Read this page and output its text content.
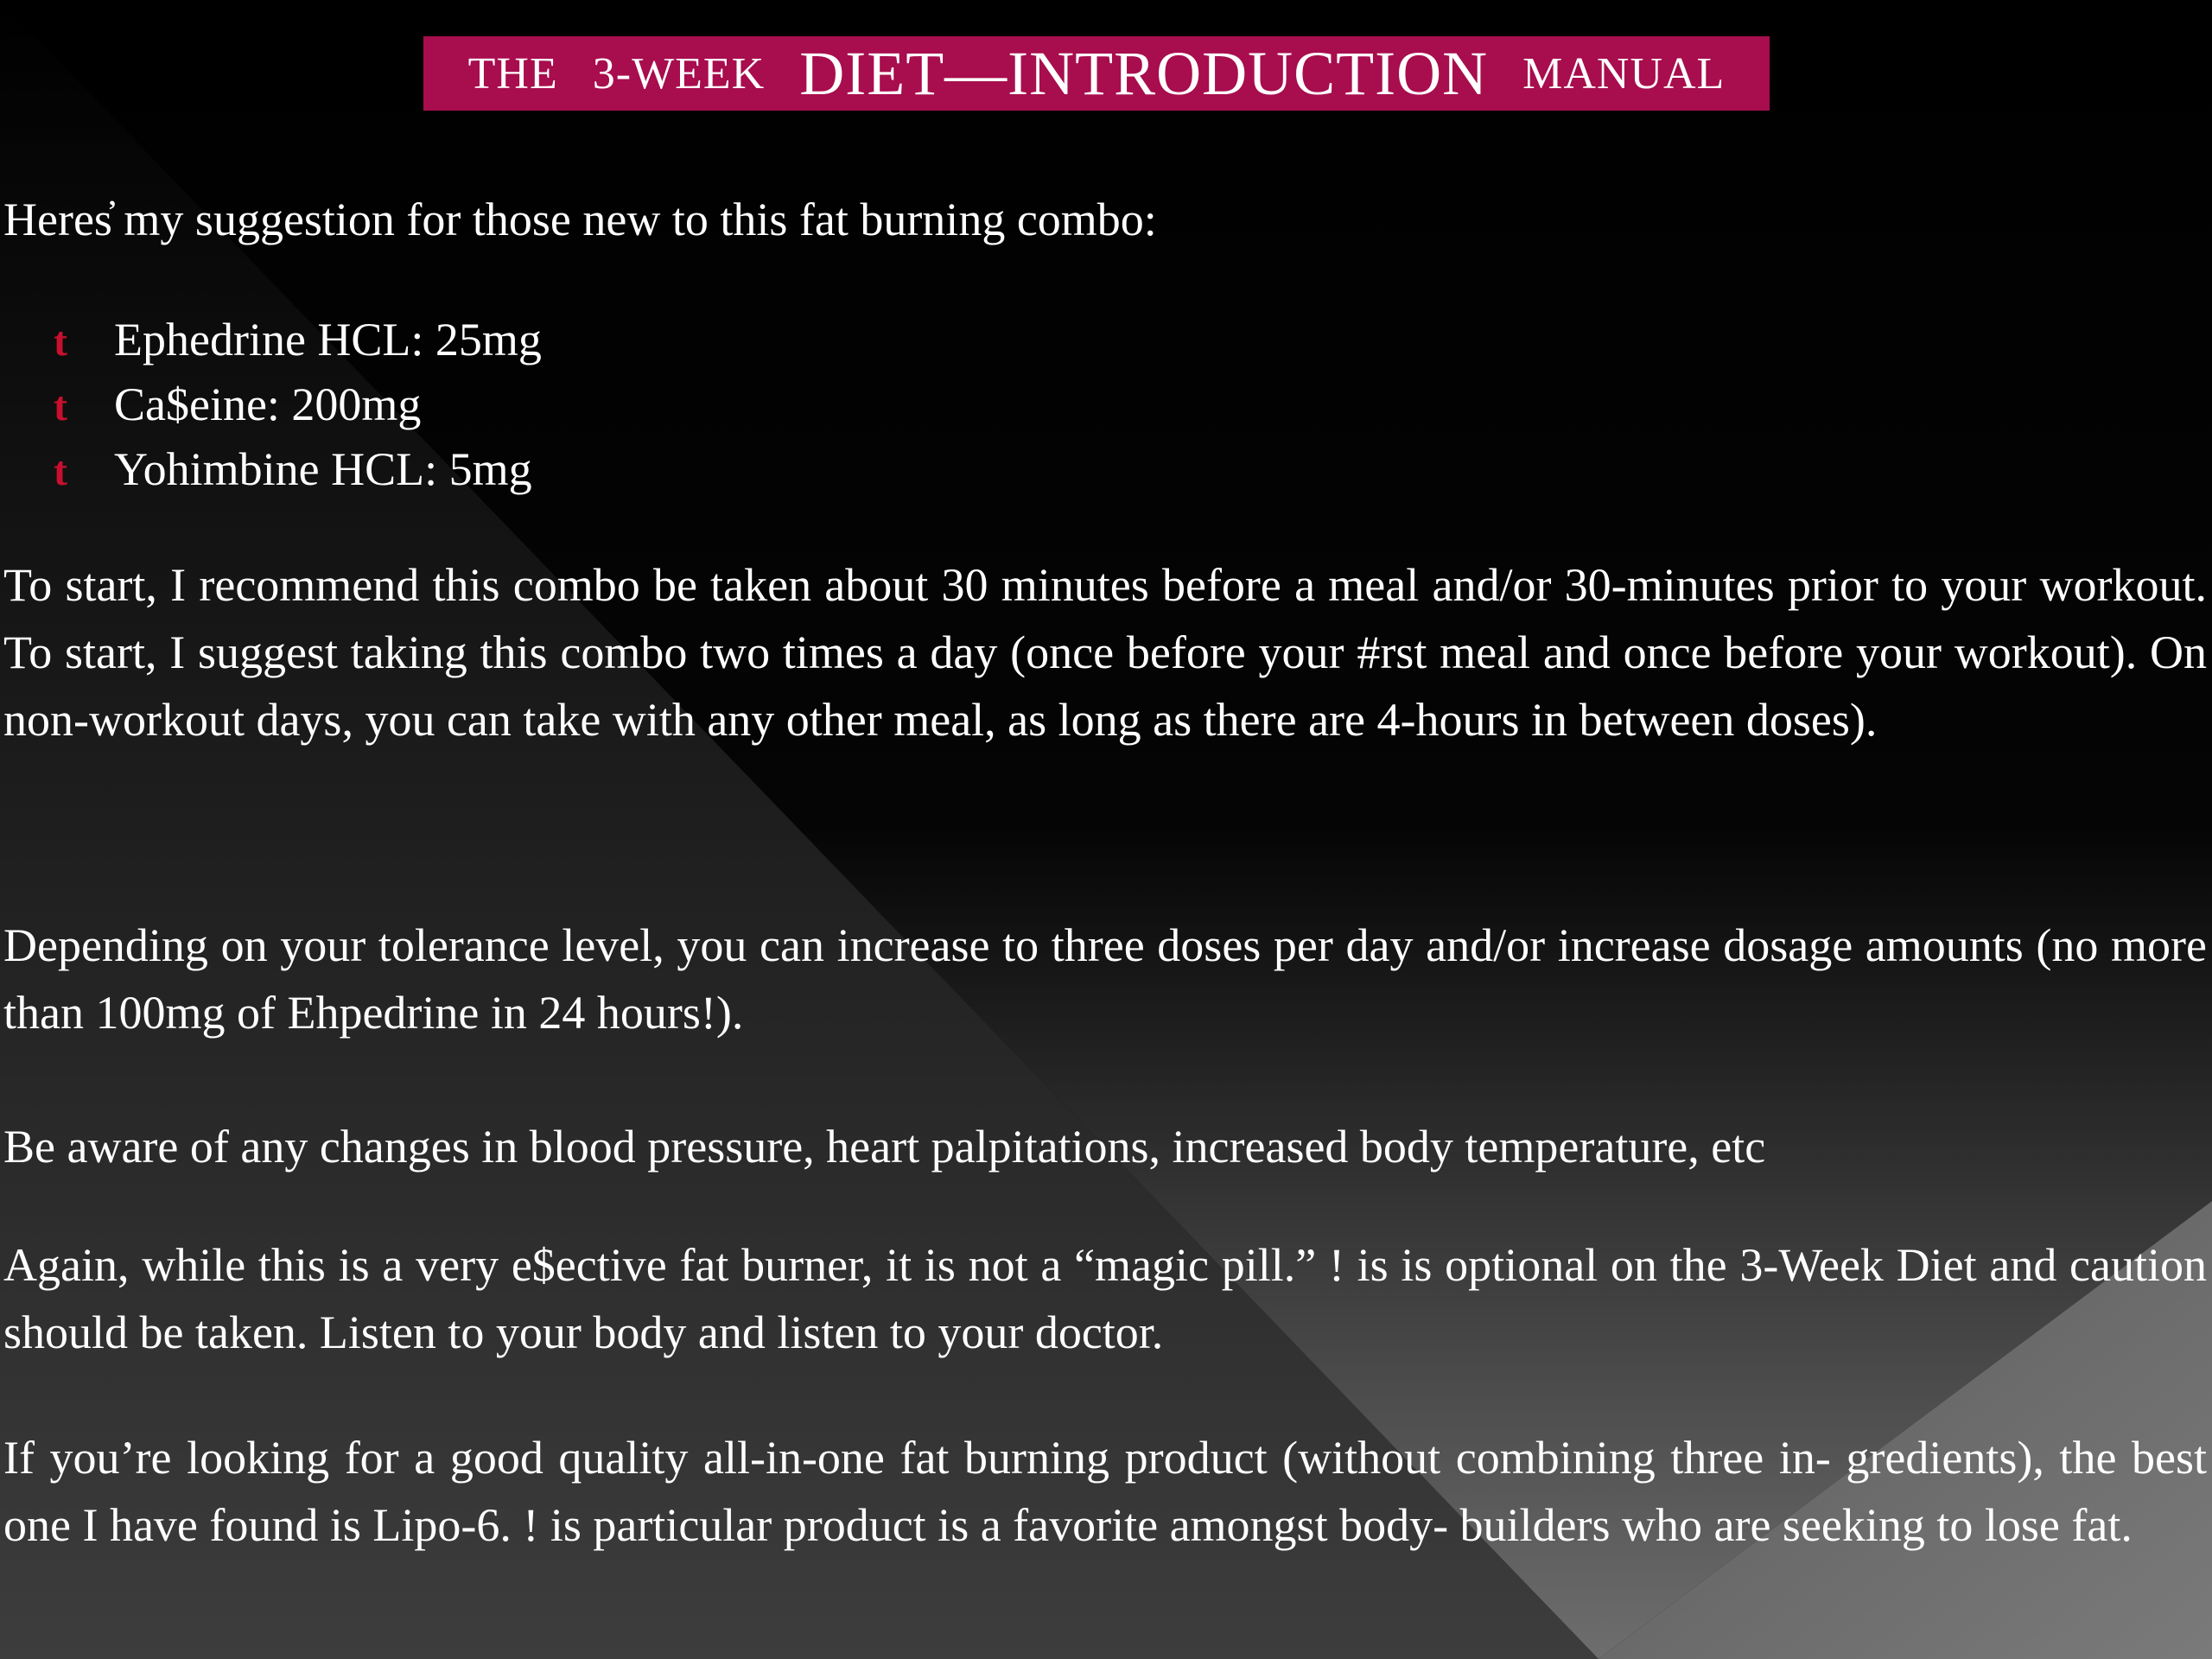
THE 3-WEEK DIET—INTRODUCTION MANUAL
Heres̓ my suggestion for those new to this fat burning combo:
t Ephedrine HCL: 25mg
t Ca$eine: 200mg
t Yohimbine HCL: 5mg

To start, I recommend this combo be taken about 30 minutes before a meal and/or 30-minutes prior to your workout. To start, I suggest taking this combo two times a day (once before your #rst meal and once before your workout). On non-workout days, you can take with any other meal, as long as there are 4-hours in between doses).

Depending on your tolerance level, you can increase to three doses per day and/or increase dosage amounts (no more than 100mg of Ehpedrine in 24 hours!).

Be aware of any changes in blood pressure, heart palpitations, increased body temperature, etc

Again, while this is a very e$ective fat burner, it is not a “magic pill.” ! is is optional on the 3-Week Diet and caution should be taken. Listen to your body and listen to your doctor.

If you’re looking for a good quality all-in-one fat burning product (without combining three in- gredients), the best one I have found is Lipo-6. ! is particular product is a favorite amongst body- builders who are seeking to lose fat.
